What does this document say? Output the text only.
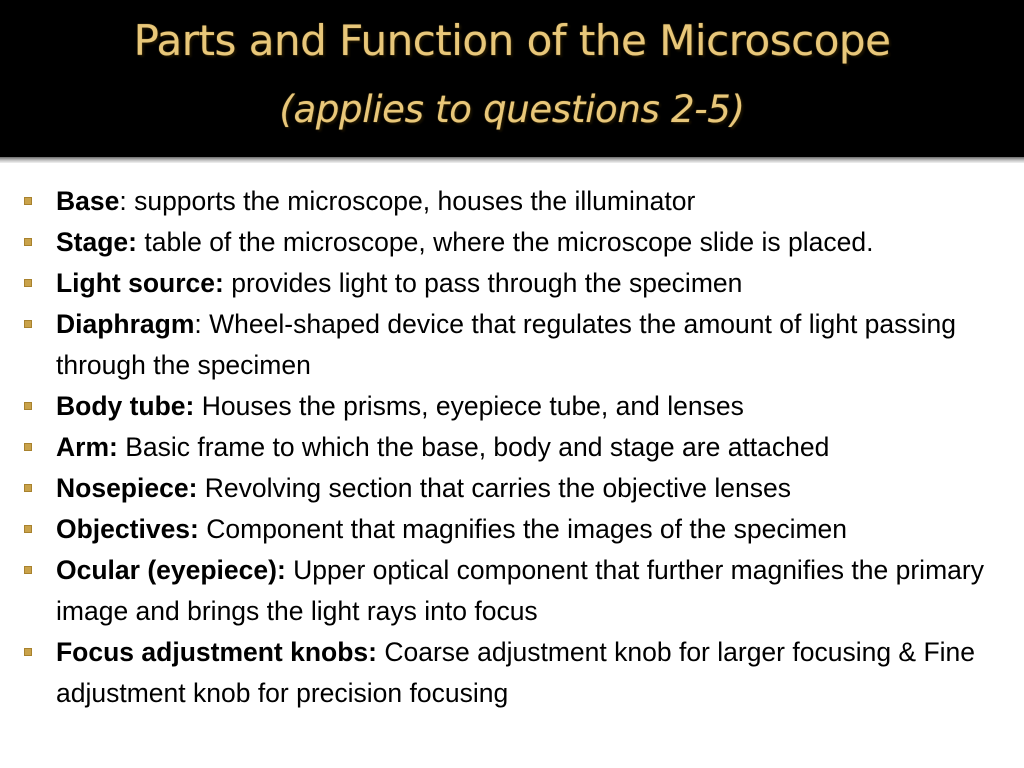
Parts and Function of the Microscope
(applies to questions 2-5)
Base: supports the microscope, houses the illuminator
Stage: table of the microscope, where the microscope slide is placed.
Light source: provides light to pass through the specimen
Diaphragm: Wheel-shaped device that regulates the amount of light passing through the specimen
Body tube: Houses the prisms, eyepiece tube, and lenses
Arm: Basic frame to which the base, body and stage are attached
Nosepiece: Revolving section that carries the objective lenses
Objectives: Component that magnifies the images of the specimen
Ocular (eyepiece): Upper optical component that further magnifies the primary image and brings the light rays into focus
Focus adjustment knobs: Coarse adjustment knob for larger focusing & Fine adjustment knob for precision focusing
